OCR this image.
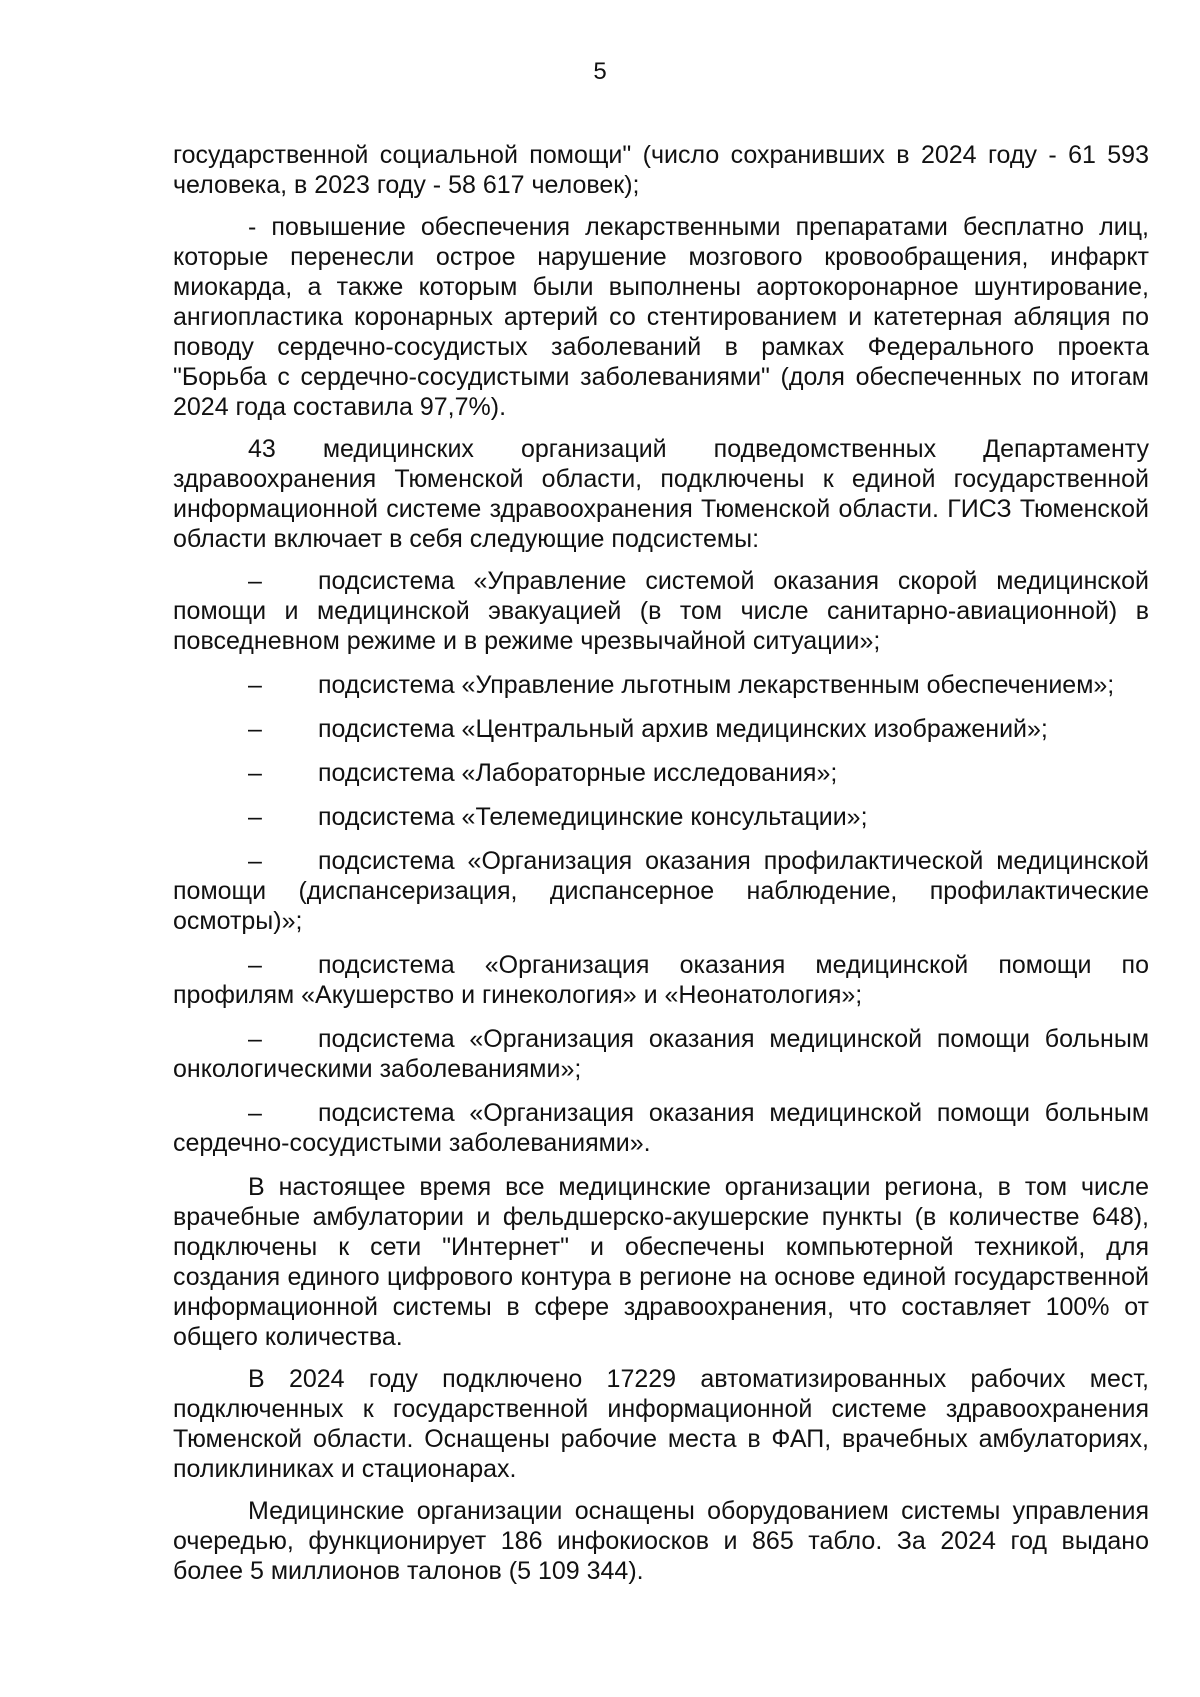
5

государственной социальной помощи" (число сохранивших в 2024 году - 61 593 человека, в 2023 году - 58 617 человек);

- повышение обеспечения лекарственными препаратами бесплатно лиц, которые перенесли острое нарушение мозгового кровообращения, инфаркт миокарда, а также которым были выполнены аортокоронарное шунтирование, ангиопластика коронарных артерий со стентированием и катетерная абляция по поводу сердечно-сосудистых заболеваний в рамках Федерального проекта "Борьба с сердечно-сосудистыми заболеваниями" (доля обеспеченных по итогам 2024 года составила 97,7%).

43 медицинских организаций подведомственных Департаменту здравоохранения Тюменской области, подключены к единой государственной информационной системе здравоохранения Тюменской области. ГИСЗ Тюменской области включает в себя следующие подсистемы:

– подсистема «Управление системой оказания скорой медицинской помощи и медицинской эвакуацией (в том числе санитарно-авиационной) в повседневном режиме и в режиме чрезвычайной ситуации»;
– подсистема «Управление льготным лекарственным обеспечением»;
– подсистема «Центральный архив медицинских изображений»;
– подсистема «Лабораторные исследования»;
– подсистема «Телемедицинские консультации»;
– подсистема «Организация оказания профилактической медицинской помощи (диспансеризация, диспансерное наблюдение, профилактические осмотры)»;
– подсистема «Организация оказания медицинской помощи по профилям «Акушерство и гинекология» и «Неонатология»;
– подсистема «Организация оказания медицинской помощи больным онкологическими заболеваниями»;
– подсистема «Организация оказания медицинской помощи больным сердечно-сосудистыми заболеваниями».

В настоящее время все медицинские организации региона, в том числе врачебные амбулатории и фельдшерско-акушерские пункты (в количестве 648), подключены к сети "Интернет" и обеспечены компьютерной техникой, для создания единого цифрового контура в регионе на основе единой государственной информационной системы в сфере здравоохранения, что составляет 100% от общего количества.

В 2024 году подключено 17229 автоматизированных рабочих мест, подключенных к государственной информационной системе здравоохранения Тюменской области. Оснащены рабочие места в ФАП, врачебных амбулаториях, поликлиниках и стационарах.

Медицинские организации оснащены оборудованием системы управления очередью, функционирует 186 инфокиосков и 865 табло. За 2024 год выдано более 5 миллионов талонов (5 109 344).
